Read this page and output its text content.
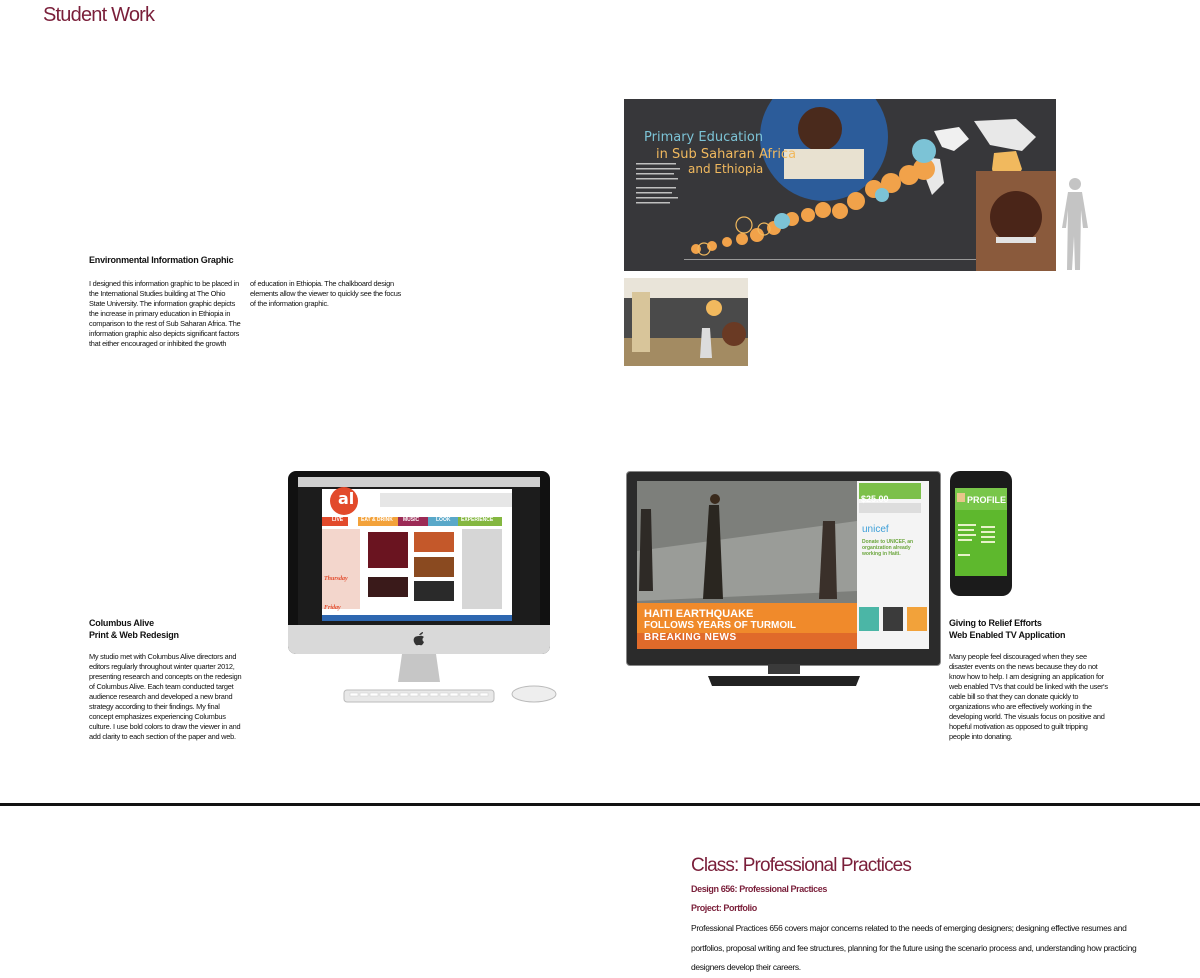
Student Work

Environmental Information Graphic

I designed this information graphic to be placed in the International Studies building at The Ohio State University. The information graphic depicts the increase in primary education in Ethiopia in comparison to the rest of Sub Saharan Africa. The information graphic also depicts significant factors that either encouraged or inhibited the growth

of education in Ethiopia. The chalkboard design elements allow the viewer to quickly see the focus of the information graphic.

Primary Education

in Sub Saharan Africa

and Ethiopia

Columbus Alive

Print & Web Redesign

My studio met with Columbus Alive directors and editors regularly throughout winter quarter 2012, presenting research and concepts on the redesign of Columbus Alive. Each team conducted target audience research and developed a new brand strategy according to their findings. My final concept emphasizes experiencing Columbus culture. I use bold colors to draw the viewer in and add clarity to each section of the paper and web.

al
LIVE	EAT & DRINK MUSIC	LOOK EXPERIENCE
Thursday
Friday	HAITI EARTHQUAKE

FOLLOWS YEARS OF TURMOIL

BREAKING NEWS
$25.00
unicef

Donate to UNICEF, an organization already working in Haiti.

PROFILE

Giving to Relief Efforts

Web Enabled TV Application

Many people feel discouraged when they see disaster events on the news because they do not know how to help. I am designing an application for web enabled TVs that could be linked with the user's cable bill so that they can donate quickly to organizations who are effectively working in the developing world. The visuals focus on positive and hopeful motivation as opposed to guilt tripping people into donating.

Class: Professional Practices

Design 656: Professional Practices

Project: Portfolio

Professional Practices 656 covers major concerns related to the needs of emerging designers; designing effective resumes and portfolios, proposal writing and fee structures, planning for the future using the scenario process and, understanding how practicing designers develop their careers.
